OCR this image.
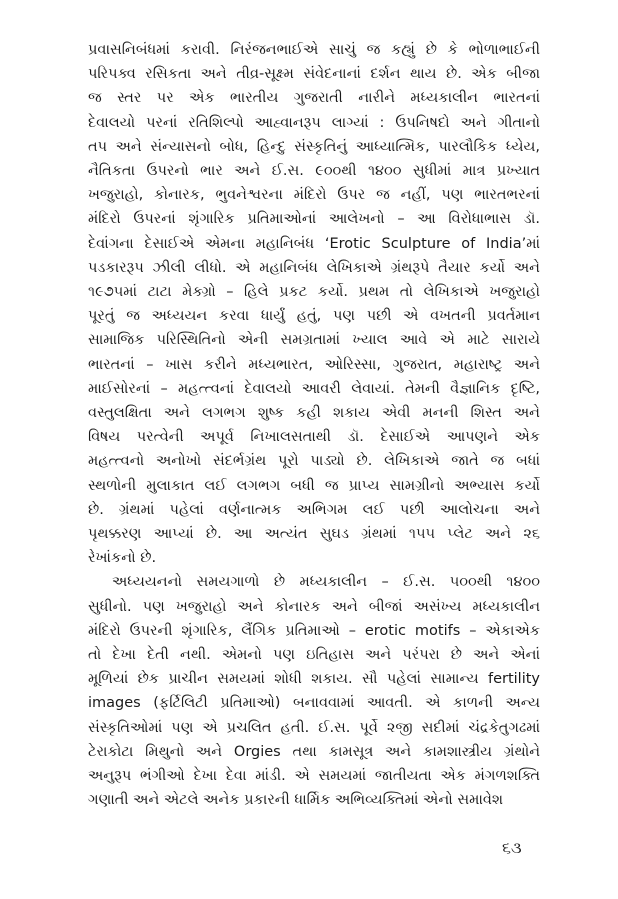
પ્રવાસનિબંધમાં કરાવી. નિરંજનભાઈએ સાચું જ કહ્યું છે કે ભોળાભાઈની
પરિપક્વ રસિકતા અને તીવ્ર-સૂક્ષ્મ સંવેદનાનાં દર્શન થાય છે. એક બીજા
જ સ્તર પર એક ભારતીય ગુજરાતી નારીને મધ્યકાલીન ભારતનાં
દેવાલયો પરનાં રતિશિલ્પો આહ્વાનરૂપ લાગ્યાં : ઉપનિષદો અને ગીતાનો
તપ અને સંન્યાસનો બોધ, હિન્દુ સંસ્કૃતિનું આધ્યાત્મિક, પારલૌકિક ધ્યેય,
નૈતિકતા ઉપરનો ભાર અને ઈ.સ. ૯૦૦થી ૧૪૦૦ સુધીમાં માત્ર પ્રખ્યાત
ખજુરાહો, કોનારક, ભુવનેશ્વરના મંદિરો ઉપર જ નહીં, પણ ભારતભરનાં
મંદિરો ઉપરનાં શૃંગારિક પ્રતિમાઓનાં આલેખનો – આ વિરોધાભાસ ડૉ.
દેવાંગના દેસાઈએ એમના મહાનિબંધ ‘Erotic Sculpture of India’માં
પડકારરૂપ ઝીલી લીધો. એ મહાનિબંધ લેખિકાએ ગ્રંથરૂપે તૈયાર કર્યો અને
૧૯૭૫માં ટાટા મેક્ગ્રો – હિલે પ્રકટ કર્યો. પ્રથમ તો લેખિકાએ ખજુરાહો
પૂરતું જ અધ્યયન કરવા ધાર્યું હતું, પણ પછી એ વખતની પ્રવર્તમાન
સામાજિક પરિસ્થિતિનો એની સમગ્રતામાં ખ્યાલ આવે એ માટે સારાયે
ભારતનાં – ખાસ કરીને મધ્યભારત, ઓરિસ્સા, ગુજરાત, મહારાષ્ટ્ર અને
માઈસોરનાં – મહત્ત્વનાં દેવાલયો આવરી લેવાયાં. તેમની વૈજ્ઞાનિક દૃષ્ટિ,
વસ્તુલક્ષિતા અને લગભગ શુષ્ક કહી શકાય એવી મનની શિસ્ત અને
વિષય પરત્વેની અપૂર્વ નિખાલસતાથી ડૉ. દેસાઈએ આપણને એક
મહત્ત્વનો અનોખો સંદર્ભગ્રંથ પૂરો પાડ્યો છે. લેખિકાએ જાતે જ બધાં
સ્થળોની મુલાકાત લઈ લગભગ બધી જ પ્રાપ્ય સામગ્રીનો અભ્યાસ કર્યો
છે. ગ્રંથમાં પહેલાં વર્ણનાત્મક અભિગમ લઈ પછી આલોચના અને
પૃથક્કરણ આપ્યાં છે. આ અત્યંત સુઘડ ગ્રંથમાં ૧૫૫ પ્લેટ અને ૨૬
રેખાંકનો છે.
અધ્યયનનો સમયગાળો છે મધ્યકાલીન – ઈ.સ. ૫૦૦થી ૧૪૦૦
સુધીનો. પણ ખજુરાહો અને કોનારક અને બીજાં અસંખ્ય મધ્યકાલીન
મંદિરો ઉપરની શૃંગારિક, લૈંગિક પ્રતિમાઓ – erotic motifs – એકાએક
તો દેખા દેતી નથી. એમનો પણ ઇતિહાસ અને પરંપરા છે અને એનાં
મૂળિયાં છેક પ્રાચીન સમયમાં શોધી શકાય. સૌ પહેલાં સામાન્ય fertility
images (ફર્ટિલિટી પ્રતિમાઓ) બનાવવામાં આવતી. એ કાળની અન્ય
સંસ્કૃતિઓમાં પણ એ પ્રચલિત હતી. ઈ.સ. પૂર્વે ૨જી સદીમાં ચંદ્રકેતુગઢમાં
ટેરાકોટા મિથુનો અને Orgies તથા કામસૂત્ર અને કામશાસ્ત્રીય ગ્રંથોને
અનુરૂપ ભંગીઓ દેખા દેવા માંડી. એ સમયમાં જાતીયતા એક મંગળશક્તિ
ગણાતી અને એટલે અનેક પ્રકારની ધાર્મિક અભિવ્યક્તિમાં એનો સમાવેશ
૬૩
